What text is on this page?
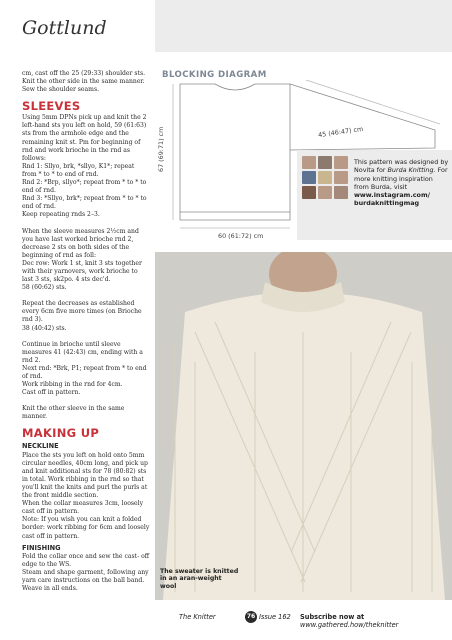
Gottlund

cm, cast off the 25 (29:33) shoulder sts. Knit the other side in the same manner. Sew the shoulder seams.

SLEEVES

Using 5mm DPNs pick up and knit the 2 left-hand sts you left on hold, 59 (61:63) sts from the armhole edge and the remaining knit st. Pm for beginning of rnd and work brioche in the rnd as follows:

Rnd 1: Sllyo, brk, *sllyo, K1*; repeat from * to * to end of rnd.

Rnd 2: *Brp, sllyo*; repeat from * to * to end of rnd.

Rnd 3: *Sllyo, brk*; repeat from * to * to end of rnd.

Keep repeating rnds 2–3.

When the sleeve measures 2½cm and you have last worked brioche rnd 2, decrease 2 sts on both sides of the beginning of rnd as foll:

Dec row: Work 1 st, knit 3 sts together with their yarnovers, work brioche to last 3 sts, sk2po. 4 sts dec'd.

58 (60:62) sts.

Repeat the decreases as established every 6cm five more times (on Brioche rnd 3).

38 (40:42) sts.

Continue in brioche until sleeve measures 41 (42:43) cm, ending with a rnd 2.

Next rnd: *Brk, P1; repeat from * to end of rnd.

Work ribbing in the rnd for 4cm.

Cast off in pattern.

Knit the other sleeve in the same manner.

MAKING UP
NECKLINE

Place the sts you left on hold onto 5mm circular needles, 40cm long, and pick up and knit additional sts for 78 (80:82) sts in total. Work ribbing in the rnd so that you'll knit the knits and purl the purls at the front middle section.

When the collar measures 3cm, loosely cast off in pattern.

Note: If you wish you can knit a folded border: work ribbing for 6cm and loosely cast off in pattern.

FINISHING

Fold the collar once and sew the cast- off edge to the WS.

Steam and shape garment, following any yarn care instructions on the ball band. Weave in all ends.

BLOCKING DIAGRAM
60 (61:72) cm
67 (69:71) cm	45 (46:47) cm
This pattern was designed by Novita for Burda Knitting. For more knitting inspiration from Burda, visit www.instagram.com/ burdaknittingmag
The sweater is knitted in an aran-weight wool
The Knitter	76 Issue 162 Subscribe now at www.gathered.how/theknitter
